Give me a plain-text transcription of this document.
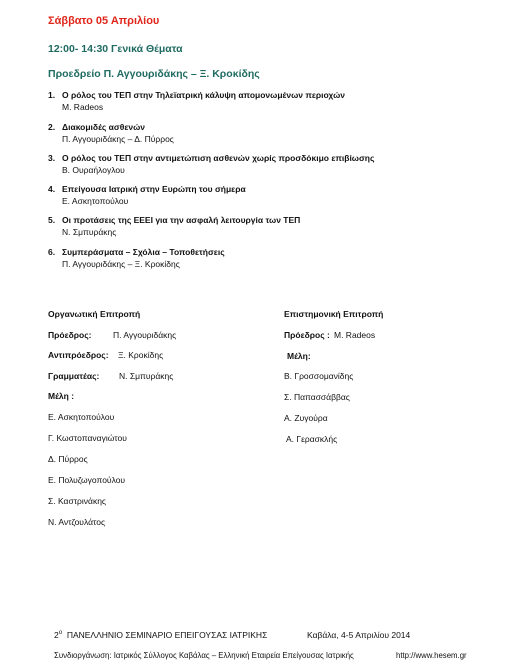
Σάββατο 05 Απριλίου
12:00- 14:30 Γενικά Θέματα
Προεδρείο Π. Αγγουριδάκης – Ξ. Κροκίδης
1. Ο ρόλος του ΤΕΠ στην Τηλεϊατρική κάλυψη απομονωμένων περιοχών
M. Radeos
2. Διακομιδές ασθενών
Π. Αγγουριδάκης – Δ. Πύρρος
3. Ο ρόλος του ΤΕΠ στην αντιμετώπιση ασθενών χωρίς προσδόκιμο επιβίωσης
Β. Ουραήλογλου
4. Επείγουσα Ιατρική στην Ευρώπη του σήμερα
Ε. Ασκητοπούλου
5. Οι προτάσεις της ΕΕΕΙ για την ασφαλή λειτουργία των ΤΕΠ
Ν. Σμπυράκης
6. Συμπεράσματα – Σχόλια – Τοποθετήσεις
Π. Αγγουριδάκης – Ξ. Κροκίδης
Οργανωτική Επιτροπή
Πρόεδρος:	Π. Αγγουριδάκης
Αντιπρόεδρος: Ξ. Κροκίδης
Γραμματέας: Ν. Σμπυράκης
Μέλη :
Ε. Ασκητοπούλου
Γ. Κωστοπαναγιώτου
Δ. Πύρρος
Ε. Πολυζωγοπούλου
Σ. Καστρινάκης
Ν. Αντζουλάτος
Επιστημονική Επιτροπή
Πρόεδρος : M. Radeos
Μέλη:
Β. Γροσσομανίδης
Σ. Παπασσάββας
Α. Ζυγούρα
Α. Γερασκλής
2$^o$ ΠΑΝΕΛΛΗΝΙΟ ΣΕΜΙΝΑΡΙΟ ΕΠΕΙΓΟΥΣΑΣ ΙΑΤΡΙΚΗΣ	Καβάλα, 4-5 Απριλίου 2014
Συνδιοργάνωση: Ιατρικός Σύλλογος Καβάλας – Ελληνική Εταιρεία Επείγουσας Ιατρικής	http://www.hesem.gr
